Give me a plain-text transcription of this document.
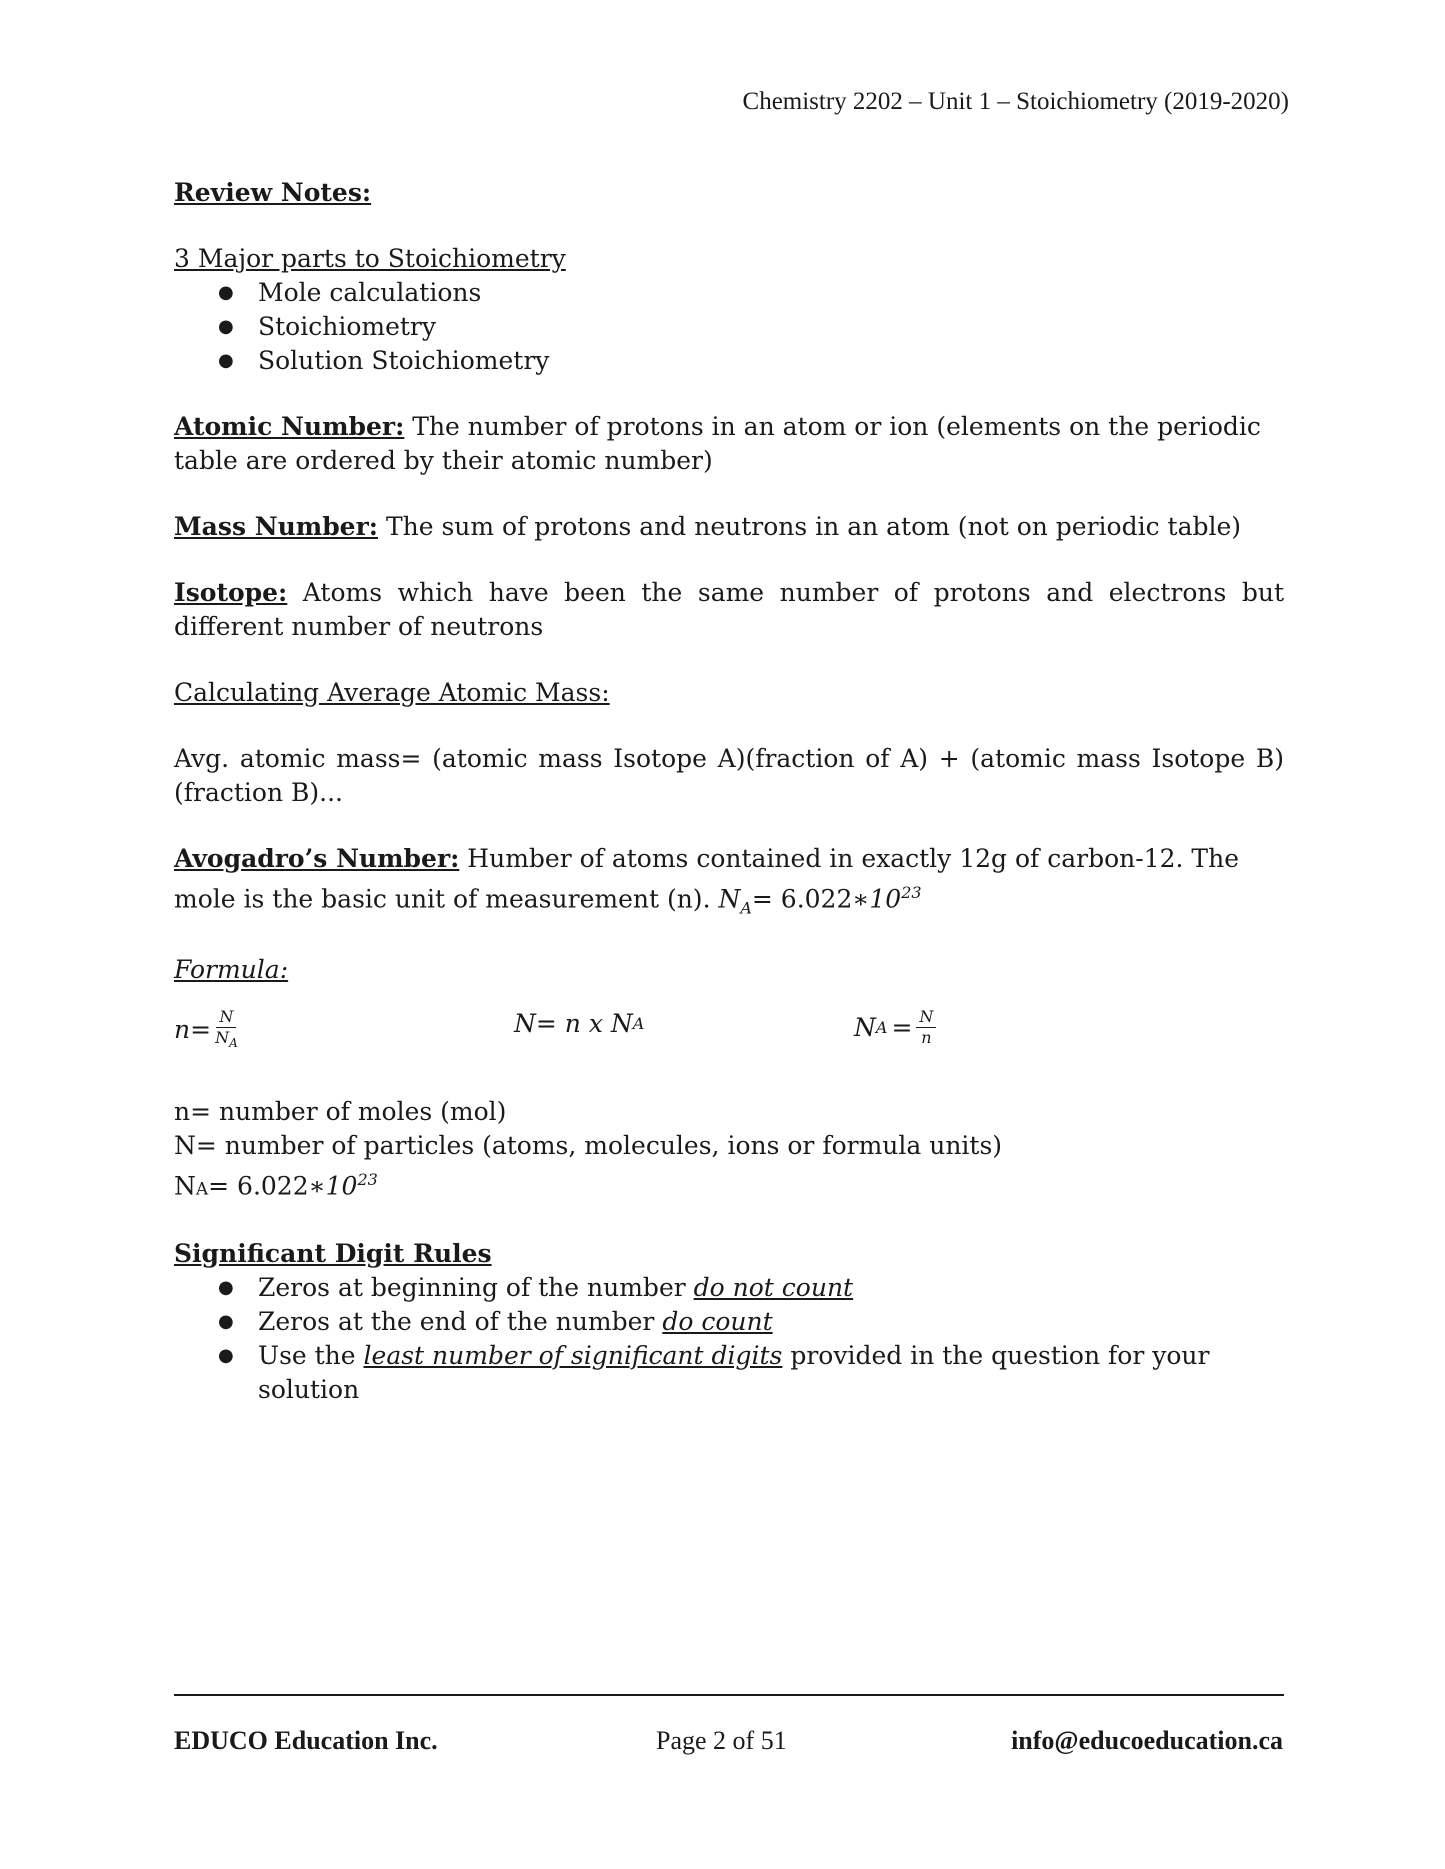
Chemistry 2202 – Unit 1 – Stoichiometry (2019-2020)

Review Notes:

3 Major parts to Stoichiometry

● Mole calculations
● Stoichiometry
● Solution Stoichiometry

Atomic Number: The number of protons in an atom or ion (elements on the periodic table are ordered by their atomic number)

Mass Number: The sum of protons and neutrons in an atom (not on periodic table)

Isotope: Atoms which have been the same number of protons and electrons but different number of neutrons

Calculating Average Atomic Mass:

Avg. atomic mass= (atomic mass Isotope A)(fraction of A) + (atomic mass Isotope B)(fraction B)...

Avogadro’s Number: Humber of atoms contained in exactly 12g of carbon-12. The mole is the basic unit of measurement (n). $N_A=$ $6.022∗10^{23}$

Formula:

$n= \frac{N}{N_A}$	N= n x N A	N $A = \frac{N}{n}$

n= number of moles (mol)

N= number of particles (atoms, molecules, ions or formula units)

$NA= 6.022∗10^{23}$

Significant Digit Rules

● Zeros at beginning of the number do not count
● Zeros at the end of the number do count
● Use the least number of significant digits provided in the question for your solution
EDUCO Education Inc.	Page 2 of 51	info@educoeducation.ca
